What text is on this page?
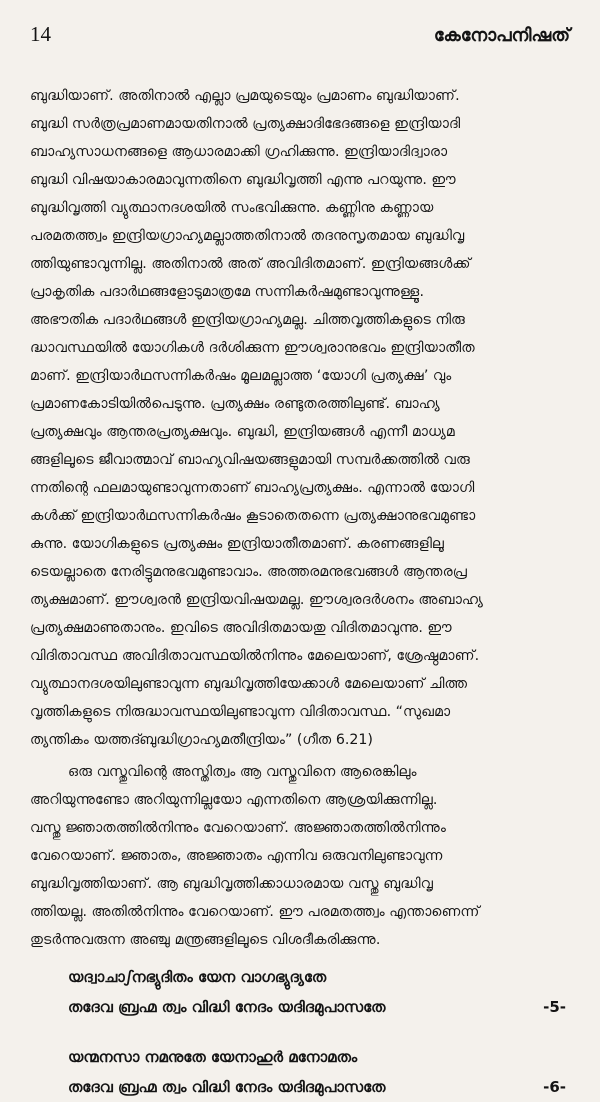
14	കേനോപനിഷത്
ബുദ്ധിയാണ്. അതിനാൽ എല്ലാ പ്രമയുടെയും പ്രമാണം ബുദ്ധിയാണ്.
ബുദ്ധി സർത്രപ്രമാണമായതിനാൽ പ്രത്യക്ഷാദിഭേദങ്ങളെ ഇന്ദ്രിയാദി
ബാഹ്യസാധനങ്ങളെ ആധാരമാക്കി ഗ്രഹിക്കുന്നു. ഇന്ദ്രിയാദിദ്വാരാ
ബുദ്ധി വിഷയാകാരമാവുന്നതിനെ ബുദ്ധിവൃത്തി എന്നു പറയുന്നു. ഈ
ബുദ്ധിവൃത്തി വ്യുത്ഥാനദശയിൽ സംഭവിക്കുന്നു. കണ്ണിനു കണ്ണായ
പരമതത്ത്വം ഇന്ദ്രിയഗ്രാഹ്യമല്ലാത്തതിനാൽ തദനുസൃതമായ ബുദ്ധിവൃ
ത്തിയുണ്ടാവുന്നില്ല. അതിനാൽ അത് അവിദിതമാണ്. ഇന്ദ്രിയങ്ങൾക്ക്
പ്രാകൃതിക പദാർഥങ്ങളോടുമാത്രമേ സന്നികർഷമുണ്ടാവുന്നുള്ളൂ.
അഭൗതിക പദാർഥങ്ങൾ ഇന്ദ്രിയഗ്രാഹ്യമല്ല. ചിത്തവൃത്തികളുടെ നിരു
ദ്ധാവസ്ഥയിൽ യോഗികൾ ദർശിക്കുന്ന ഈശ്വരാനുഭവം ഇന്ദ്രിയാതീത
മാണ്. ഇന്ദ്രിയാർഥസന്നികർഷം മൂലമല്ലാത്ത ‘യോഗി പ്രത്യക്ഷ’ വും
പ്രമാണകോടിയിൽപെടുന്നു. പ്രത്യക്ഷം രണ്ടുതരത്തിലുണ്ട്. ബാഹ്യ
പ്രത്യക്ഷവും ആന്തരപ്രത്യക്ഷവും. ബുദ്ധി, ഇന്ദ്രിയങ്ങൾ എന്നീ മാധ്യമ
ങ്ങളിലൂടെ ജീവാത്മാവ് ബാഹ്യവിഷയങ്ങളുമായി സമ്പർക്കത്തിൽ വരു
ന്നതിന്റെ ഫലമായുണ്ടാവുന്നതാണ് ബാഹ്യപ്രത്യക്ഷം. എന്നാൽ യോഗി
കൾക്ക് ഇന്ദ്രിയാർഥസന്നികർഷം കൂടാതെതന്നെ പ്രത്യക്ഷാനുഭവമുണ്ടാ
കുന്നു. യോഗികളുടെ പ്രത്യക്ഷം ഇന്ദ്രിയാതീതമാണ്. കരണങ്ങളിലൂ
ടെയല്ലാതെ നേരിട്ടുമനുഭവമുണ്ടാവാം. അത്തരമനുഭവങ്ങൾ ആന്തരപ്ര
ത്യക്ഷമാണ്. ഈശ്വരൻ ഇന്ദ്രിയവിഷയമല്ല. ഈശ്വരദർശനം അബാഹ്യ
പ്രത്യക്ഷമാണുതാനും. ഇവിടെ അവിദിതമായതു വിദിതമാവുന്നു. ഈ
വിദിതാവസ്ഥ അവിദിതാവസ്ഥയിൽനിന്നും മേലെയാണ്, ശ്രേഷ്ഠമാണ്.
വ്യുത്ഥാനദശയിലുണ്ടാവുന്ന ബുദ്ധിവൃത്തിയേക്കാൾ മേലെയാണ് ചിത്ത
വൃത്തികളുടെ നിരുദ്ധാവസ്ഥയിലുണ്ടാവുന്ന വിദിതാവസ്ഥ. “സുഖമാ
ത്യന്തികം യത്തദ്ബുദ്ധിഗ്രാഹ്യമതീന്ദ്രിയം” (ഗീത 6.21)
ഒരു വസ്തുവിന്റെ അസ്തിത്വം ആ വസ്തുവിനെ ആരെങ്കിലും
അറിയുന്നുണ്ടോ അറിയുന്നില്ലയോ എന്നതിനെ ആശ്രയിക്കുന്നില്ല.
വസ്തു ജ്ഞാതത്തിൽനിന്നും വേറെയാണ്. അജ്ഞാതത്തിൽനിന്നും
വേറെയാണ്. ജ്ഞാതം, അജ്ഞാതം എന്നിവ ഒരുവനിലുണ്ടാവുന്ന
ബുദ്ധിവൃത്തിയാണ്. ആ ബുദ്ധിവൃത്തിക്കാധാരമായ വസ്തു ബുദ്ധിവൃ
ത്തിയല്ല. അതിൽനിന്നും വേറെയാണ്. ഈ പരമതത്ത്വം എന്താണെന്ന്
തുടർന്നുവരുന്ന അഞ്ചു മന്ത്രങ്ങളിലൂടെ വിശദീകരിക്കുന്നു.
യദ്വാചാ‍ഽനഭ്യുദിതം യേന വാഗഭ്യുദ്യതേ
തദേവ ബ്രഹ്മ ത്വം വിദ്ധി നേദം യദിദമുപാസതേ	-5-
യന്മനസാ നമനുതേ യേനാഹുർ മനോമതം
തദേവ ബ്രഹ്മ ത്വം വിദ്ധി നേദം യദിദമുപാസതേ	-6-
